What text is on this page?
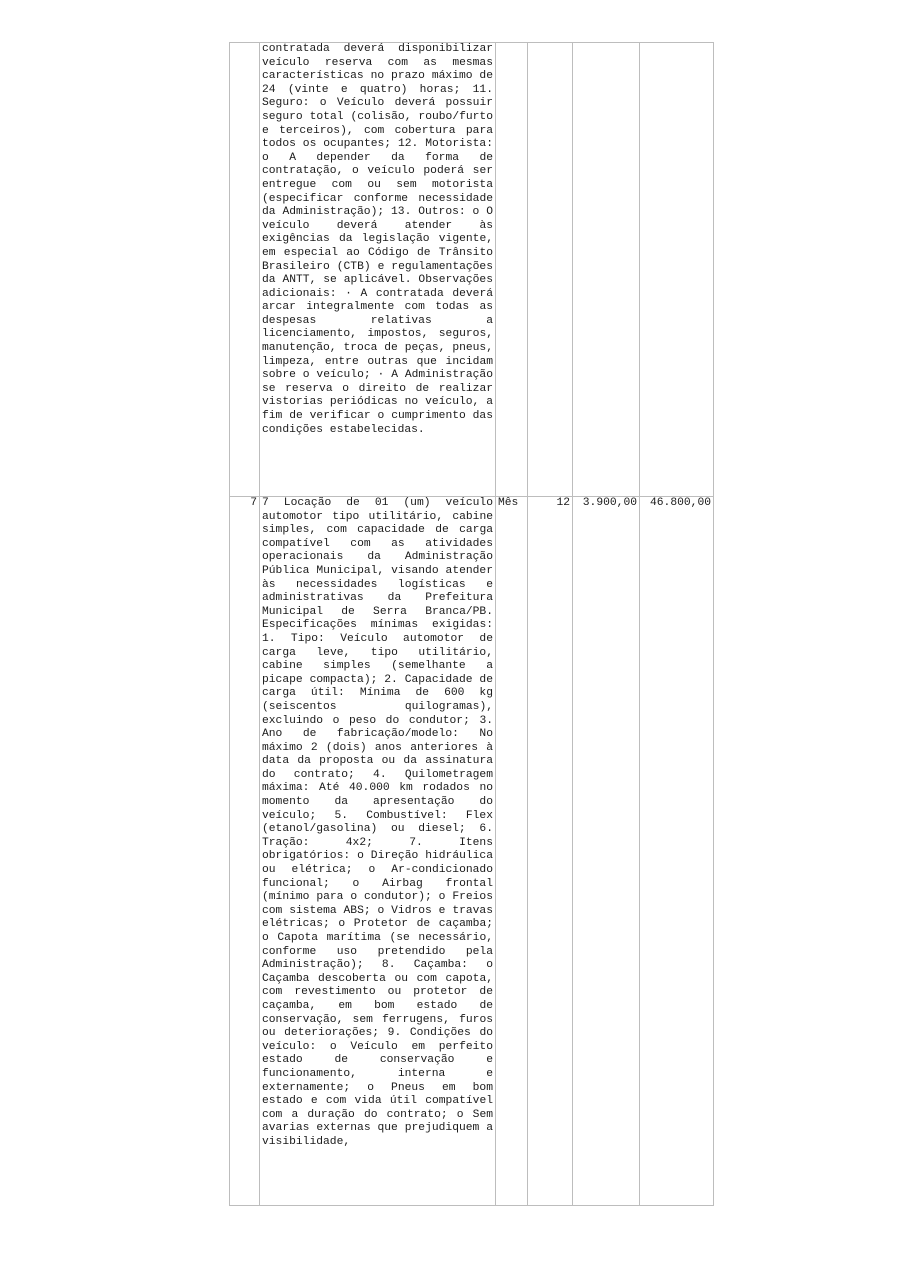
	contratada deverá disponibilizar veículo reserva com as mesmas características no prazo máximo de 24 (vinte e quatro) horas; 11. Seguro: o Veículo deverá possuir seguro total (colisão, roubo/furto e terceiros), com cobertura para todos os ocupantes; 12. Motorista: o A depender da forma de contratação, o veículo poderá ser entregue com ou sem motorista (especificar conforme necessidade da Administração); 13. Outros: o O veículo deverá atender às exigências da legislação vigente, em especial ao Código de Trânsito Brasileiro (CTB) e regulamentações da ANTT, se aplicável. Observações adicionais: · A contratada deverá arcar integralmente com todas as despesas relativas a licenciamento, impostos, seguros, manutenção, troca de peças, pneus, limpeza, entre outras que incidam sobre o veículo; · A Administração se reserva o direito de realizar vistorias periódicas no veículo, a fim de verificar o cumprimento das condições estabelecidas.				
7	7 Locação de 01 (um) veículo automotor tipo utilitário, cabine simples, com capacidade de carga compatível com as atividades operacionais da Administração Pública Municipal, visando atender às necessidades logísticas e administrativas da Prefeitura Municipal de Serra Branca/PB. Especificações mínimas exigidas: 1. Tipo: Veículo automotor de carga leve, tipo utilitário, cabine simples (semelhante a picape compacta); 2. Capacidade de carga útil: Mínima de 600 kg (seiscentos quilogramas), excluindo o peso do condutor; 3. Ano de fabricação/modelo: No máximo 2 (dois) anos anteriores à data da proposta ou da assinatura do contrato; 4. Quilometragem máxima: Até 40.000 km rodados no momento da apresentação do veículo; 5. Combustível: Flex (etanol/gasolina) ou diesel; 6. Tração: 4x2; 7. Itens obrigatórios: o Direção hidráulica ou elétrica; o Ar-condicionado funcional; o Airbag frontal (mínimo para o condutor); o Freios com sistema ABS; o Vidros e travas elétricas; o Protetor de caçamba; o Capota marítima (se necessário, conforme uso pretendido pela Administração); 8. Caçamba: o Caçamba descoberta ou com capota, com revestimento ou protetor de caçamba, em bom estado de conservação, sem ferrugens, furos ou deteriorações; 9. Condições do veículo: o Veículo em perfeito estado de conservação e funcionamento, interna e externamente; o Pneus em bom estado e com vida útil compatível com a duração do contrato; o Sem avarias externas que prejudiquem a visibilidade,	Mês	12	3.900,00	46.800,00
